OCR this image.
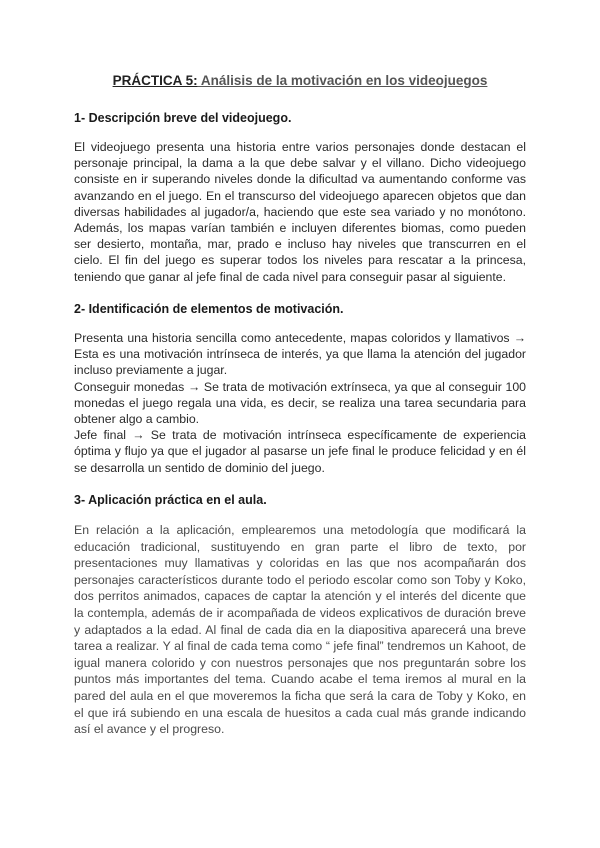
PRÁCTICA 5: Análisis de la motivación en los videojuegos
1- Descripción breve del videojuego.

El videojuego presenta una historia entre varios personajes donde destacan el personaje principal, la dama a la que debe salvar y el villano. Dicho videojuego consiste en ir superando niveles donde la dificultad va aumentando conforme vas avanzando en el juego. En el transcurso del videojuego aparecen objetos que dan diversas habilidades al jugador/a, haciendo que este sea variado y no monótono. Además, los mapas varían también e incluyen diferentes biomas, como pueden ser desierto, montaña, mar, prado e incluso hay niveles que transcurren en el cielo. El fin del juego es superar todos los niveles para rescatar a la princesa, teniendo que ganar al jefe final de cada nivel para conseguir pasar al siguiente.

2- Identificación de elementos de motivación.

Presenta una historia sencilla como antecedente, mapas coloridos y llamativos → Esta es una motivación intrínseca de interés, ya que llama la atención del jugador incluso previamente a jugar.

Conseguir monedas → Se trata de motivación extrínseca, ya que al conseguir 100 monedas el juego regala una vida, es decir, se realiza una tarea secundaria para obtener algo a cambio.

Jefe final → Se trata de motivación intrínseca específicamente de experiencia óptima y flujo ya que el jugador al pasarse un jefe final le produce felicidad y en él se desarrolla un sentido de dominio del juego.

3- Aplicación práctica en el aula.

En relación a la aplicación, emplearemos una metodología que modificará la educación tradicional, sustituyendo en gran parte el libro de texto, por presentaciones muy llamativas y coloridas en las que nos acompañarán dos personajes característicos durante todo el periodo escolar como son Toby y Koko, dos perritos animados, capaces de captar la atención y el interés del dicente que la contempla, además de ir acompañada de videos explicativos de duración breve y adaptados a la edad. Al final de cada dia en la diapositiva aparecerá una breve tarea a realizar. Y al final de cada tema como “ jefe final” tendremos un Kahoot, de igual manera colorido y con nuestros personajes que nos preguntarán sobre los puntos más importantes del tema. Cuando acabe el tema iremos al mural en la pared del aula en el que moveremos la ficha que será la cara de Toby y Koko, en el que irá subiendo en una escala de huesitos a cada cual más grande indicando así el avance y el progreso.
